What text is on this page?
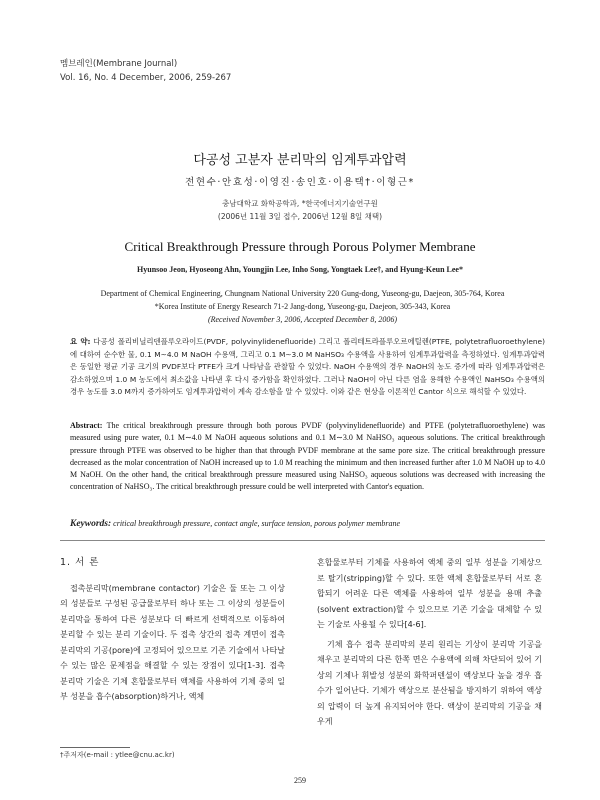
멤브레인(Membrane Journal)
Vol. 16, No. 4 December, 2006, 259-267
다공성 고분자 분리막의 임계투과압력
전현수·안효성·이영진·송인호·이용택†·이형근*
충남대학교 화학공학과, *한국에너지기술연구원
(2006년 11월 3일 접수, 2006년 12월 8일 채택)
Critical Breakthrough Pressure through Porous Polymer Membrane
Hyunsoo Jeon, Hyoseong Ahn, Youngjin Lee, Inho Song, Yongtaek Lee†, and Hyung-Keun Lee*
Department of Chemical Engineering, Chungnam National University 220 Gung-dong, Yuseong-gu, Daejeon, 305-764, Korea
*Korea Institute of Energy Research 71-2 Jang-dong, Yuseong-gu, Daejeon, 305-343, Korea
(Received November 3, 2006, Accepted December 8, 2006)
요 약: 다공성 폴리비닐리덴플루오라이드(PVDF, polyvinylidenefluoride) 그리고 폴리테트라플루오르에틸렌(PTFE, polytetrafluoroethylene)에 대하여 순수한 물, 0.1 M∼4.0 M NaOH 수용액, 그리고 0.1 M∼3.0 M NaHSO₃ 수용액을 사용하여 임계투과압력을 측정하였다. 임계투과압력은 동일한 평균 기공 크기의 PVDF보다 PTFE가 크게 나타남을 관찰할 수 있었다. NaOH 수용액의 경우 NaOH의 농도 증가에 따라 임계투과압력은 감소하였으며 1.0 M 농도에서 최소값을 나타낸 후 다시 증가함을 확인하였다. 그러나 NaOH이 아닌 다른 염을 용해한 수용액인 NaHSO₃ 수용액의 경우 농도를 3.0 M까지 증가하여도 임계투과압력이 계속 감소함을 알 수 있었다. 이와 같은 현상을 이론적인 Cantor 식으로 해석할 수 있었다.
Abstract: The critical breakthrough pressure through both porous PVDF (polyvinylidenefluoride) and PTFE (polytetrafluoroethylene) was measured using pure water, 0.1 M∼4.0 M NaOH aqueous solutions and 0.1 M∼3.0 M NaHSO₃ aqueous solutions. The critical breakthrough pressure through PTFE was observed to be higher than that through PVDF membrane at the same pore size. The critical breakthrough pressure decreased as the molar concentration of NaOH increased up to 1.0 M reaching the minimum and then increased further after 1.0 M NaOH up to 4.0 M NaOH. On the other hand, the critical breakthrough pressure measured using NaHSO₃ aqueous solutions was decreased with increasing the concentration of NaHSO₃. The critical breakthrough pressure could be well interpreted with Cantor's equation.
Keywords: critical breakthrough pressure, contact angle, surface tension, porous polymer membrane
1. 서 론

접촉분리막(membrane contactor) 기술은 둘 또는 그 이상의 성분들로 구성된 공급물로부터 하나 또는 그 이상의 성분들이 분리막을 통하여 다른 성분보다 더 빠르게 선택적으로 이동하여 분리할 수 있는 분리 기술이다. 두 접촉 상간의 접촉 계면이 접촉 분리막의 기공(pore)에 고정되어 있으므로 기존 기술에서 나타날 수 있는 많은 문제점을 해결할 수 있는 장점이 있다[1-3]. 접촉 분리막 기술은 기체 혼합물로부터 액체를 사용하여 기체 중의 일부 성분을 흡수(absorption)하거나, 액체

혼합물로부터 기체를 사용하여 액체 중의 일부 성분을 기체상으로 탈기(stripping)할 수 있다. 또한 액체 혼합물로부터 서로 혼합되기 어려운 다른 액체를 사용하여 일부 성분을 용매 추출(solvent extraction)할 수 있으므로 기존 기술을 대체할 수 있는 기술로 사용될 수 있다[4-6].

기체 흡수 접촉 분리막의 분리 원리는 기상이 분리막 기공을 채우고 분리막의 다른 한쪽 면은 수용액에 의해 차단되어 있어 기상의 기체나 휘발성 성분의 화학퍼텐셜이 액상보다 높을 경우 흡수가 일어난다. 기체가 액상으로 분산됨을 방지하기 위하여 액상의 압력이 더 높게 유지되어야 한다. 액상이 분리막의 기공을 채우게

†주저자(e-mail : ytlee@cnu.ac.kr)
259
